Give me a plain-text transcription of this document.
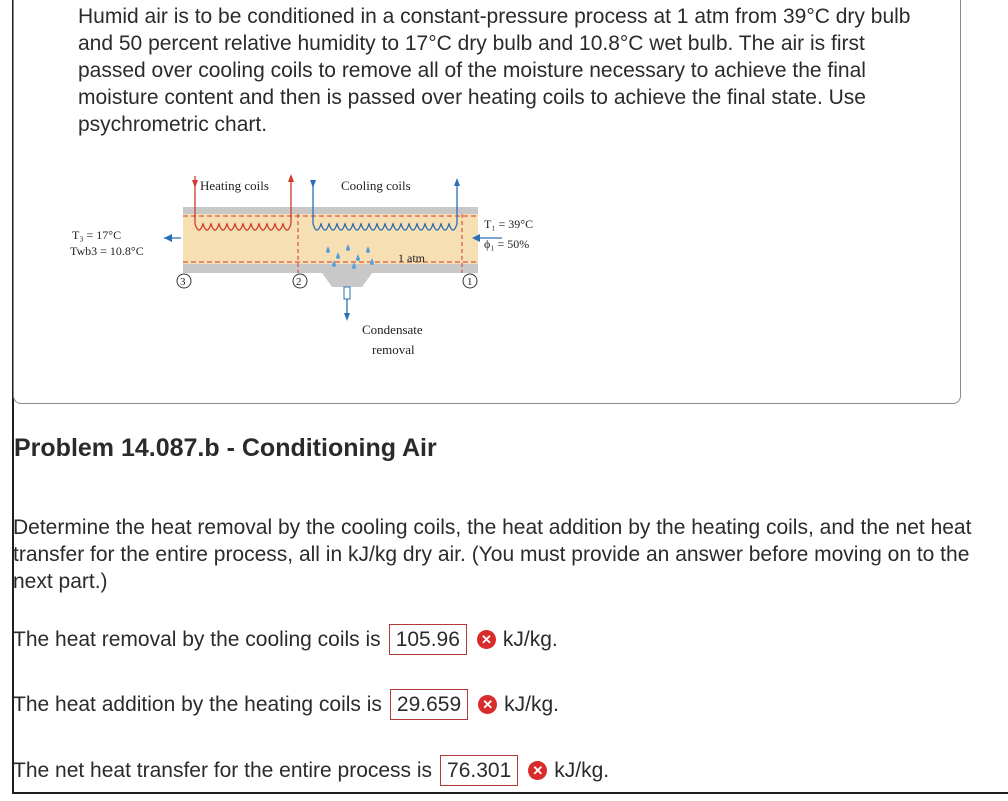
Humid air is to be conditioned in a constant-pressure process at 1 atm from 39°C dry bulb and 50 percent relative humidity to 17°C dry bulb and 10.8°C wet bulb. The air is first passed over cooling coils to remove all of the moisture necessary to achieve the final moisture content and then is passed over heating coils to achieve the final state. Use psychrometric chart.
Heating coils	Cooling coils
1 atm
Condensate
removal
T₃ = 17°C
Twb3 = 10.8°C
T₁ = 39°C
ϕ₁ = 50%
3	2	1
Problem 14.087.b - Conditioning Air
Determine the heat removal by the cooling coils, the heat addition by the heating coils, and the net heat transfer for the entire process, all in kJ/kg dry air. (You must provide an answer before moving on to the next part.)
The heat removal by the cooling coils is 105.96	✕ kJ/kg.
The heat addition by the heating coils is 29.659	✕ kJ/kg.
The net heat transfer for the entire process is 76.301	✕ kJ/kg.
